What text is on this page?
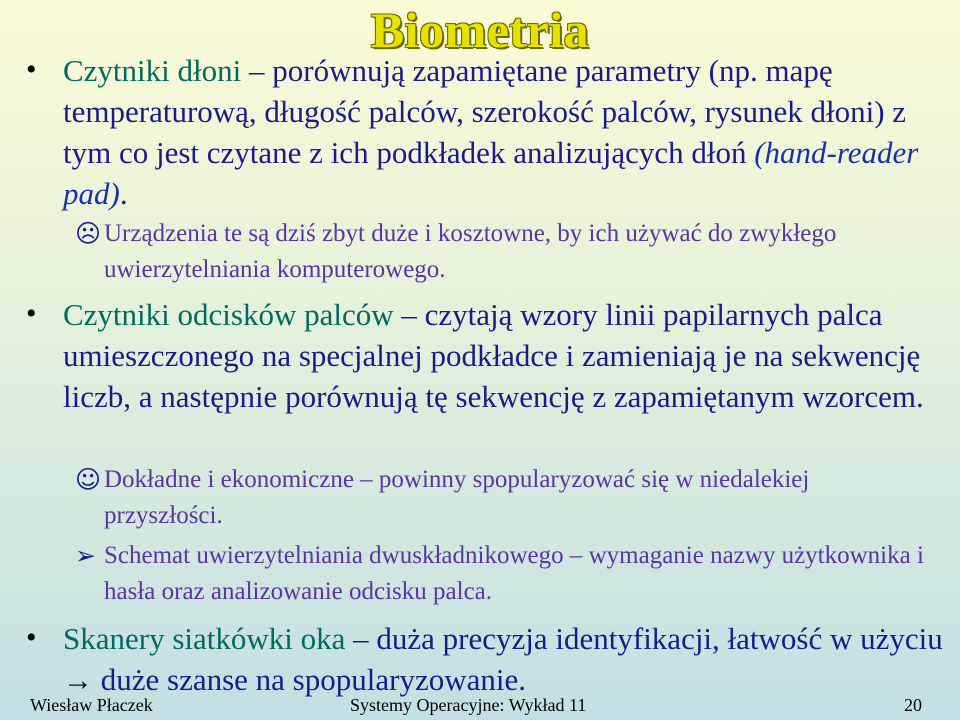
Biometria
• Czytniki dłoni – porównują zapamiętane parametry (np. mapę temperaturową, długość palców, szerokość palców, rysunek dłoni) z tym co jest czytane z ich podkładek analizujących dłoń (hand-reader pad).
☹ Urządzenia te są dziś zbyt duże i kosztowne, by ich używać do zwykłego uwierzytelniania komputerowego.
• Czytniki odcisków palców – czytają wzory linii papilarnych palca umieszczonego na specjalnej podkładce i zamieniają je na sekwencję liczb, a następnie porównują tę sekwencję z zapamiętanym wzorcem.
☺ Dokładne i ekonomiczne – powinny spopularyzować się w niedalekiej przyszłości.
➢ Schemat uwierzytelniania dwuskładnikowego – wymaganie nazwy użytkownika i hasła oraz analizowanie odcisku palca.
• Skanery siatkówki oka – duża precyzja identyfikacji, łatwość w użyciu → duże szanse na spopularyzowanie.
Wiesław Płaczek	Systemy Operacyjne: Wykład 11	20
